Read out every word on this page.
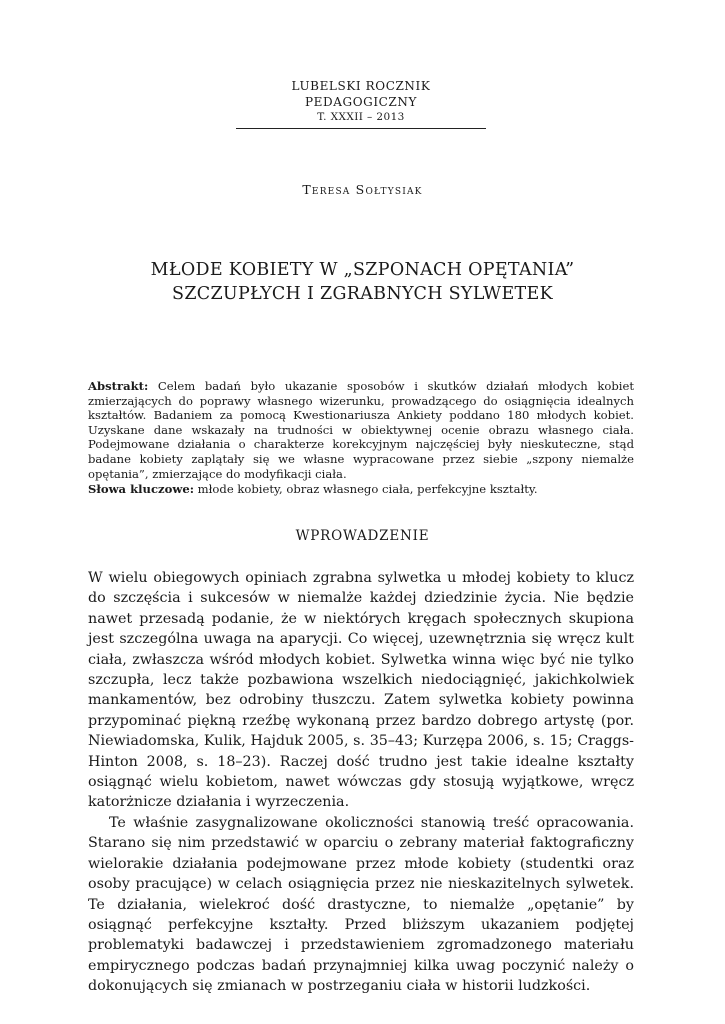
LUBELSKI ROCZNIK PEDAGOGICZNY
T. XXXII – 2013
Teresa Sołtysiak
MŁODE KOBIETY W „SZPONACH OPĘTANIA”
SZCZUPŁYCH I ZGRABNYCH SYLWETEK
Abstrakt: Celem badań było ukazanie sposobów i skutków działań młodych kobiet zmierzających do poprawy własnego wizerunku, prowadzącego do osiągnięcia idealnych kształtów. Badaniem za pomocą Kwestionariusza Ankiety poddano 180 młodych kobiet. Uzyskane dane wskazały na trudności w obiektywnej ocenie obrazu własnego ciała. Podejmowane działania o charakterze korekcyjnym najczęściej były nieskuteczne, stąd badane kobiety zaplątały się we własne wypracowane przez siebie „szpony niemalże opętania”, zmierzające do modyfikacji ciała.
Słowa kluczowe: młode kobiety, obraz własnego ciała, perfekcyjne kształty.
WPROWADZENIE

W wielu obiegowych opiniach zgrabna sylwetka u młodej kobiety to klucz do szczęścia i sukcesów w niemalże każdej dziedzinie życia. Nie będzie nawet przesadą podanie, że w niektórych kręgach społecznych skupiona jest szczególna uwaga na aparycji. Co więcej, uzewnętrznia się wręcz kult ciała, zwłaszcza wśród młodych kobiet. Sylwetka winna więc być nie tylko szczupła, lecz także pozbawiona wszelkich niedociągnięć, jakichkolwiek mankamentów, bez odrobiny tłuszczu. Zatem sylwetka kobiety powinna przypominać piękną rzeźbę wykonaną przez bardzo dobrego artystę (por. Niewiadomska, Kulik, Hajduk 2005, s. 35–43; Kurzępa 2006, s. 15; Craggs-Hinton 2008, s. 18–23). Raczej dość trudno jest takie idealne kształty osiągnąć wielu kobietom, nawet wówczas gdy stosują wyjątkowe, wręcz katorżnicze działania i wyrzeczenia.

Te właśnie zasygnalizowane okoliczności stanowią treść opracowania. Starano się nim przedstawić w oparciu o zebrany materiał faktograficzny wielorakie działania podejmowane przez młode kobiety (studentki oraz osoby pracujące) w celach osiągnięcia przez nie nieskazitelnych sylwetek. Te działania, wielekroć dość drastyczne, to niemalże „opętanie” by osiągnąć perfekcyjne kształty. Przed bliższym ukazaniem podjętej problematyki badawczej i przedstawieniem zgromadzonego materiału empirycznego podczas badań przynajmniej kilka uwag poczynić należy o dokonujących się zmianach w postrzeganiu ciała w historii ludzkości.
